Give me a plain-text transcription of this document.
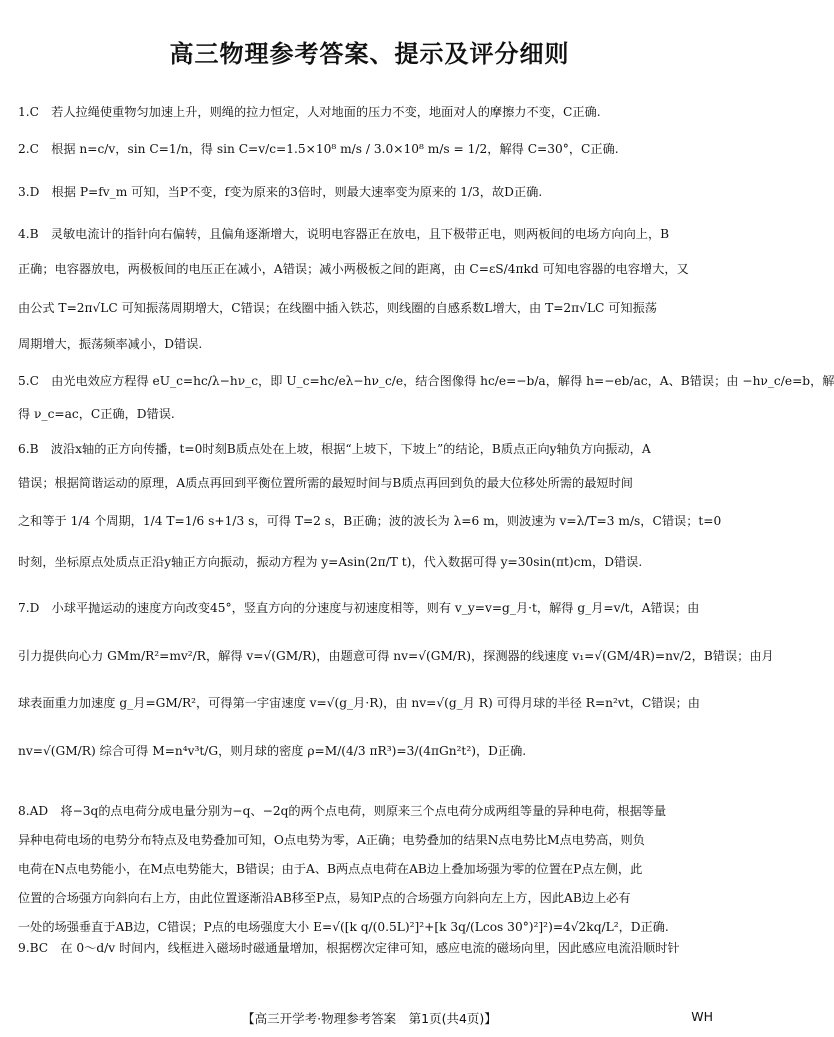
高三物理参考答案、提示及评分细则
1.C　若人拉绳使重物匀加速上升，则绳的拉力恒定，人对地面的压力不变，地面对人的摩擦力不变，C正确.
2.C　根据 n=c/v，sin C=1/n，得 sin C=v/c=1.5×10⁸ m/s / 3.0×10⁸ m/s = 1/2，解得 C=30°，C正确.
3.D　根据 P=fv_m 可知，当P不变，f变为原来的3倍时，则最大速率变为原来的 1/3，故D正确.
4.B　灵敏电流计的指针向右偏转，且偏角逐渐增大，说明电容器正在放电，且下极带正电，则两板间的电场方向向上，B
正确；电容器放电，两极板间的电压正在减小，A错误；减小两极板之间的距离，由 C=εS/4πkd 可知电容器的电容增大，又
由公式 T=2π√LC 可知振荡周期增大，C错误；在线圈中插入铁芯，则线圈的自感系数L增大，由 T=2π√LC 可知振荡
周期增大，振荡频率减小，D错误.
5.C　由光电效应方程得 eU_c=hc/λ−hν_c，即 U_c=hc/eλ−hν_c/e，结合图像得 hc/e=−b/a，解得 h=−eb/ac，A、B错误；由 −hν_c/e=b，解
得 ν_c=ac，C正确，D错误.
6.B　波沿x轴的正方向传播，t=0时刻B质点处在上坡，根据“上坡下，下坡上”的结论，B质点正向y轴负方向振动，A
错误；根据简谐运动的原理，A质点再回到平衡位置所需的最短时间与B质点再回到负的最大位移处所需的最短时间
之和等于 1/4 个周期，1/4 T=1/6 s+1/3 s，可得 T=2 s，B正确；波的波长为 λ=6 m，则波速为 v=λ/T=3 m/s，C错误；t=0
时刻，坐标原点处质点正沿y轴正方向振动，振动方程为 y=Asin(2π/T t)，代入数据可得 y=30sin(πt)cm，D错误.
7.D　小球平抛运动的速度方向改变45°，竖直方向的分速度与初速度相等，则有 v_y=v=g_月·t，解得 g_月=v/t，A错误；由
引力提供向心力 GMm/R²=mv²/R，解得 v=√(GM/R)，由题意可得 nv=√(GM/R)，探测器的线速度 v₁=√(GM/4R)=nv/2，B错误；由月
球表面重力加速度 g_月=GM/R²，可得第一宇宙速度 v=√(g_月·R)，由 nv=√(g_月 R) 可得月球的半径 R=n²vt，C错误；由
nv=√(GM/R) 综合可得 M=n⁴v³t/G，则月球的密度 ρ=M/(4/3 πR³)=3/(4πGn²t²)，D正确.
8.AD　将−3q的点电荷分成电量分别为−q、−2q的两个点电荷，则原来三个点电荷分成两组等量的异种电荷，根据等量
异种电荷电场的电势分布特点及电势叠加可知，O点电势为零，A正确；电势叠加的结果N点电势比M点电势高，则负
电荷在N点电势能小，在M点电势能大，B错误；由于A、B两点点电荷在AB边上叠加场强为零的位置在P点左侧，此
位置的合场强方向斜向右上方，由此位置逐渐沿AB移至P点，易知P点的合场强方向斜向左上方，因此AB边上必有
一处的场强垂直于AB边，C错误；P点的电场强度大小 E=√([k q/(0.5L)²]²+[k 3q/(Lcos 30°)²]²)=4√2kq/L²，D正确.
9.BC　在 0～d/v 时间内，线框进入磁场时磁通量增加，根据楞次定律可知，感应电流的磁场向里，因此感应电流沿顺时针
【高三开学考·物理参考答案　第1页(共4页)】	WH
